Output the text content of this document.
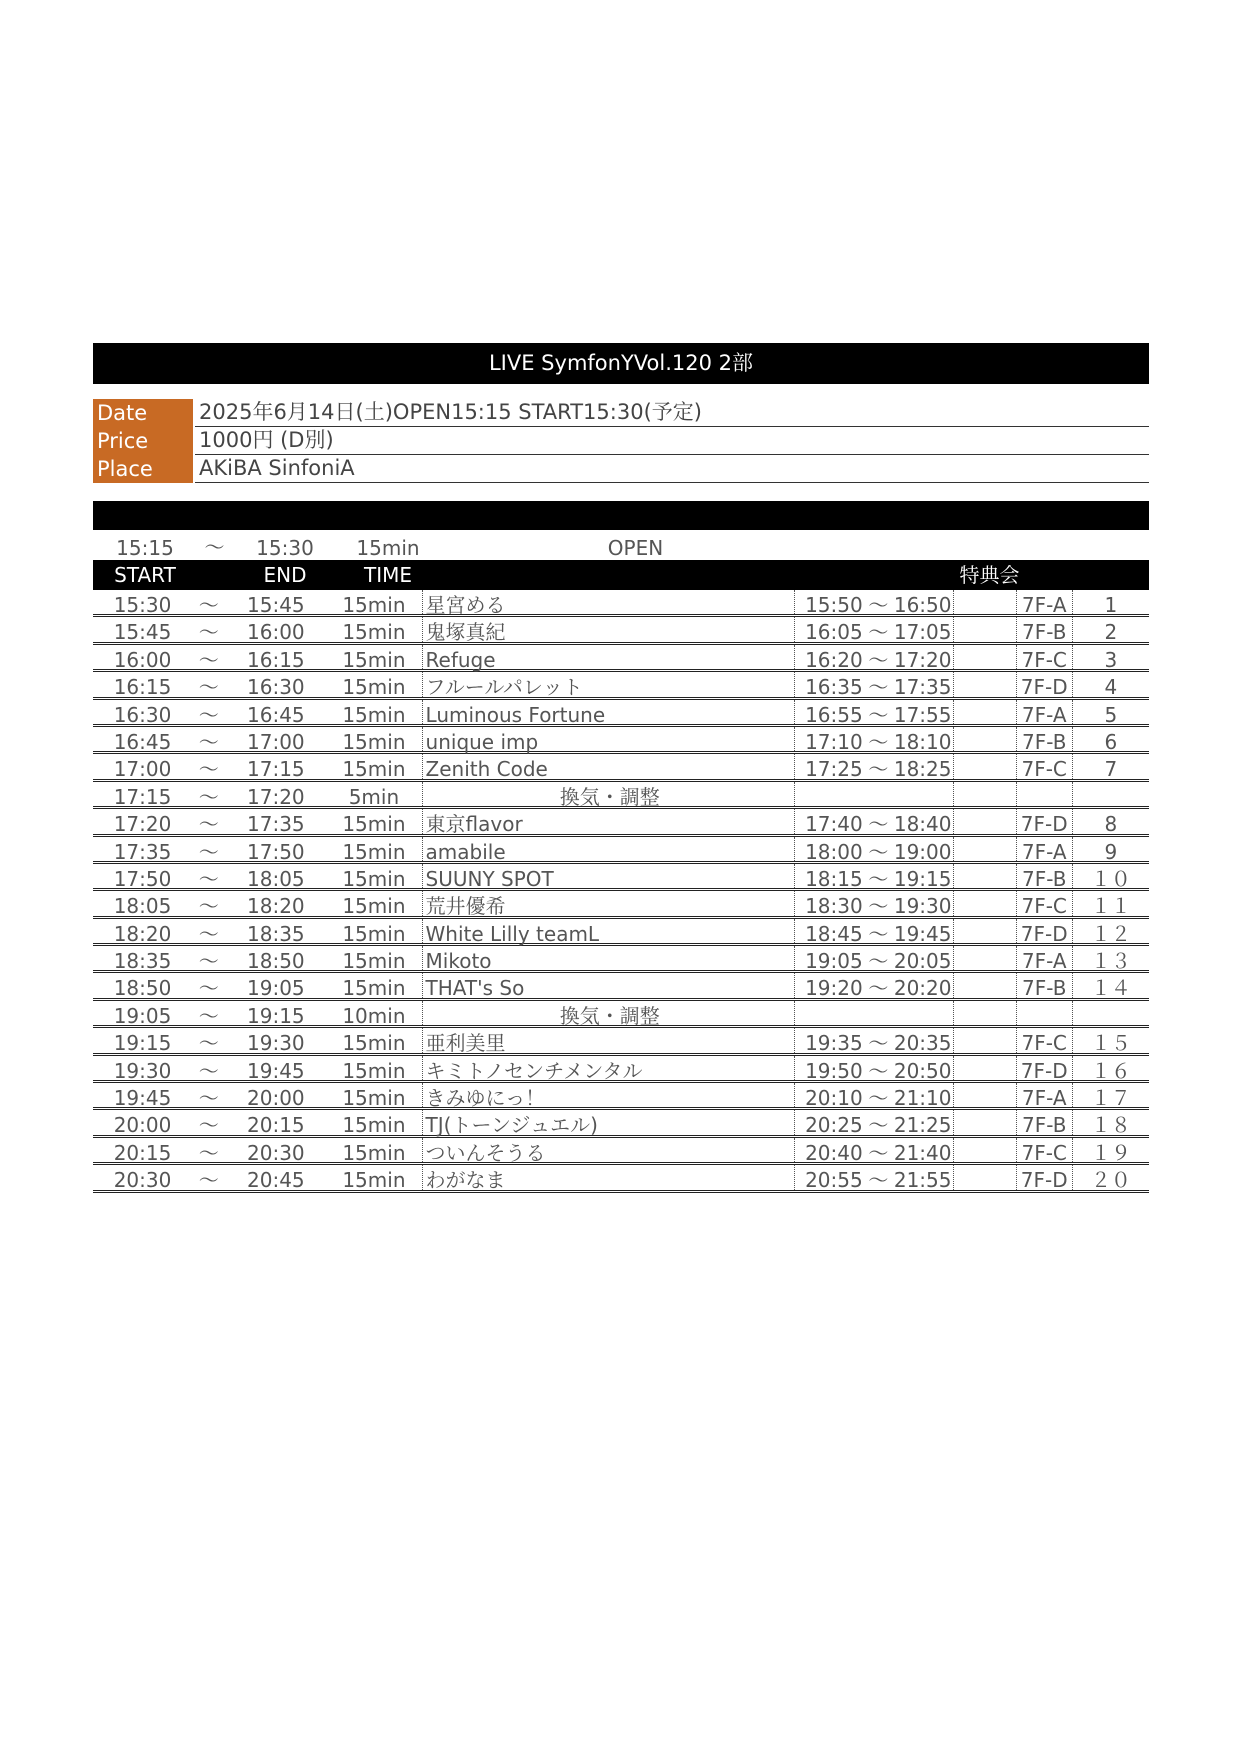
LIVE SymfonYVol.120 2部
Date	2025年6月14日(土)OPEN15:15 START15:30(予定)
Price	1000円 (D別)
Place	AKiBA SinfoniA
15:15	〜	15:30	15min	OPEN
START	END	TIME	特典会
15:30	〜	15:45	15min	星宮める	15:50 〜 16:50	7F-A	1
15:45	〜	16:00	15min	鬼塚真紀	16:05 〜 17:05	7F-B	2
16:00	〜	16:15	15min	Refuge	16:20 〜 17:20	7F-C	3
16:15	〜	16:30	15min	フルールパレット	16:35 〜 17:35	7F-D	4
16:30	〜	16:45	15min	Luminous Fortune	16:55 〜 17:55	7F-A	5
16:45	〜	17:00	15min	unique imp	17:10 〜 18:10	7F-B	6
17:00	〜	17:15	15min	Zenith Code	17:25 〜 18:25	7F-C	7
17:15	〜	17:20	5min	換気・調整
17:20	〜	17:35	15min	東京flavor	17:40 〜 18:40	7F-D	8
17:35	〜	17:50	15min	amabile	18:00 〜 19:00	7F-A	9
17:50	〜	18:05	15min	SUUNY SPOT	18:15 〜 19:15	7F-B	１０
18:05	〜	18:20	15min	荒井優希	18:30 〜 19:30	7F-C	１１
18:20	〜	18:35	15min	White Lilly teamL	18:45 〜 19:45	7F-D	１２
18:35	〜	18:50	15min	Mikoto	19:05 〜 20:05	7F-A	１３
18:50	〜	19:05	15min	THAT's So	19:20 〜 20:20	7F-B	１４
19:05	〜	19:15	10min	換気・調整
19:15	〜	19:30	15min	亜利美里	19:35 〜 20:35	7F-C	１５
19:30	〜	19:45	15min	キミトノセンチメンタル	19:50 〜 20:50	7F-D	１６
19:45	〜	20:00	15min	きみゆにっ！	20:10 〜 21:10	7F-A	１７
20:00	〜	20:15	15min	TJ(トーンジュエル)	20:25 〜 21:25	7F-B	１８
20:15	〜	20:30	15min	ついんそうる	20:40 〜 21:40	7F-C	１９
20:30	〜	20:45	15min	わがなま	20:55 〜 21:55	7F-D	２０
